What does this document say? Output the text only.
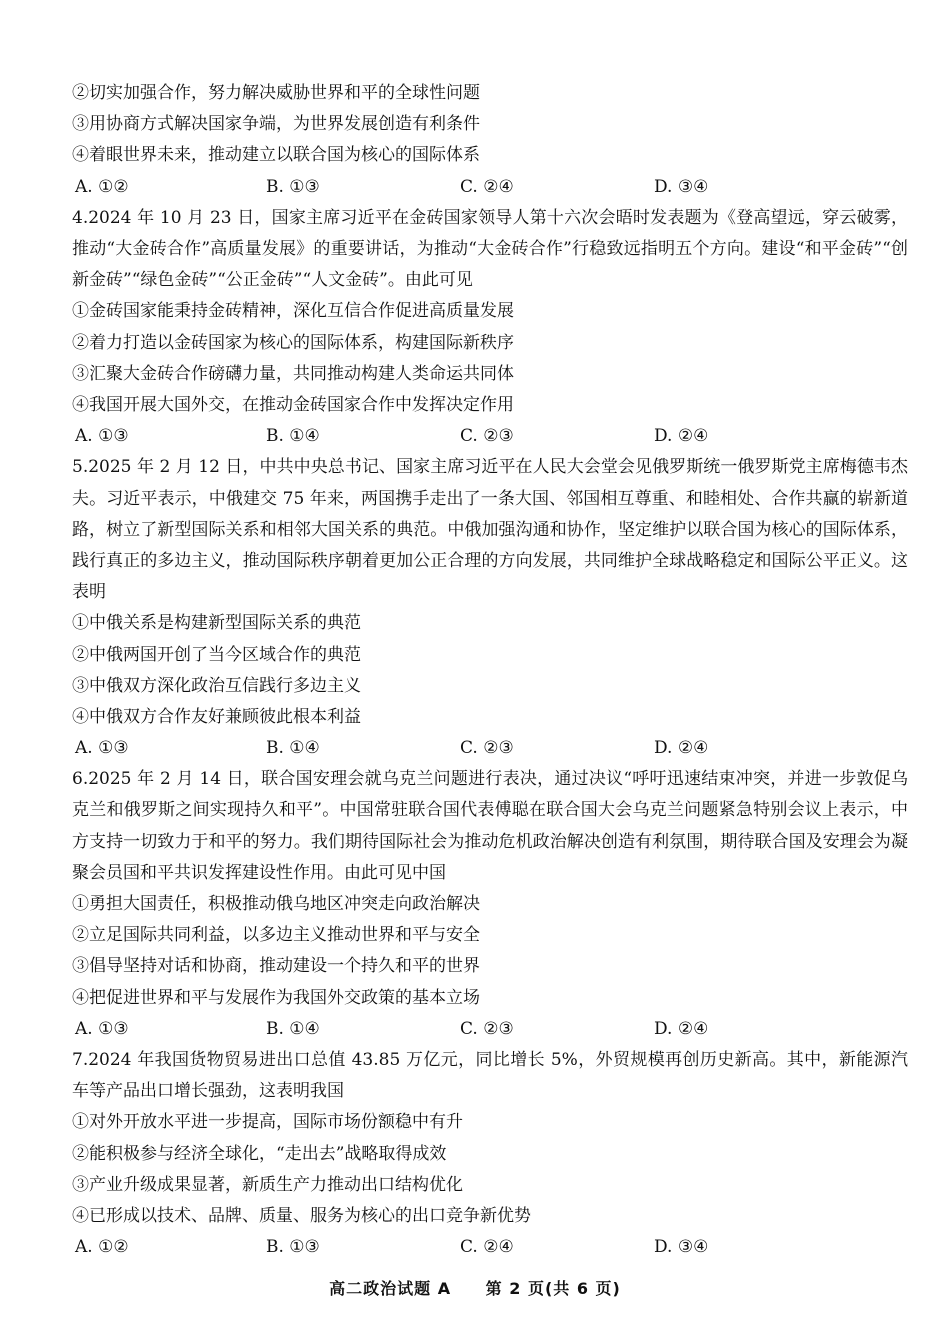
②切实加强合作，努力解决威胁世界和平的全球性问题
③用协商方式解决国家争端，为世界发展创造有利条件
④着眼世界未来，推动建立以联合国为核心的国际体系
A. ①②	B. ①③	C. ②④	D. ③④
4.2024 年 10 月 23 日，国家主席习近平在金砖国家领导人第十六次会晤时发表题为《登高望远，穿云破雾，推动“大金砖合作”高质量发展》的重要讲话，为推动“大金砖合作”行稳致远指明五个方向。建设“和平金砖”“创新金砖”“绿色金砖”“公正金砖”“人文金砖”。由此可见
①金砖国家能秉持金砖精神，深化互信合作促进高质量发展
②着力打造以金砖国家为核心的国际体系，构建国际新秩序
③汇聚大金砖合作磅礴力量，共同推动构建人类命运共同体
④我国开展大国外交，在推动金砖国家合作中发挥决定作用
A. ①③	B. ①④	C. ②③	D. ②④
5.2025 年 2 月 12 日，中共中央总书记、国家主席习近平在人民大会堂会见俄罗斯统一俄罗斯党主席梅德韦杰夫。习近平表示，中俄建交 75 年来，两国携手走出了一条大国、邻国相互尊重、和睦相处、合作共赢的崭新道路，树立了新型国际关系和相邻大国关系的典范。中俄加强沟通和协作，坚定维护以联合国为核心的国际体系，践行真正的多边主义，推动国际秩序朝着更加公正合理的方向发展，共同维护全球战略稳定和国际公平正义。这表明
①中俄关系是构建新型国际关系的典范
②中俄两国开创了当今区域合作的典范
③中俄双方深化政治互信践行多边主义
④中俄双方合作友好兼顾彼此根本利益
A. ①③	B. ①④	C. ②③	D. ②④
6.2025 年 2 月 14 日，联合国安理会就乌克兰问题进行表决，通过决议“呼吁迅速结束冲突，并进一步敦促乌克兰和俄罗斯之间实现持久和平”。中国常驻联合国代表傅聪在联合国大会乌克兰问题紧急特别会议上表示，中方支持一切致力于和平的努力。我们期待国际社会为推动危机政治解决创造有利氛围，期待联合国及安理会为凝聚会员国和平共识发挥建设性作用。由此可见中国
①勇担大国责任，积极推动俄乌地区冲突走向政治解决
②立足国际共同利益，以多边主义推动世界和平与安全
③倡导坚持对话和协商，推动建设一个持久和平的世界
④把促进世界和平与发展作为我国外交政策的基本立场
A. ①③	B. ①④	C. ②③	D. ②④
7.2024 年我国货物贸易进出口总值 43.85 万亿元，同比增长 5%，外贸规模再创历史新高。其中，新能源汽车等产品出口增长强劲，这表明我国
①对外开放水平进一步提高，国际市场份额稳中有升
②能积极参与经济全球化，“走出去”战略取得成效
③产业升级成果显著，新质生产力推动出口结构优化
④已形成以技术、品牌、质量、服务为核心的出口竞争新优势
A. ①②	B. ①③	C. ②④	D. ③④
高二政治试题 A 第 2 页(共 6 页)
